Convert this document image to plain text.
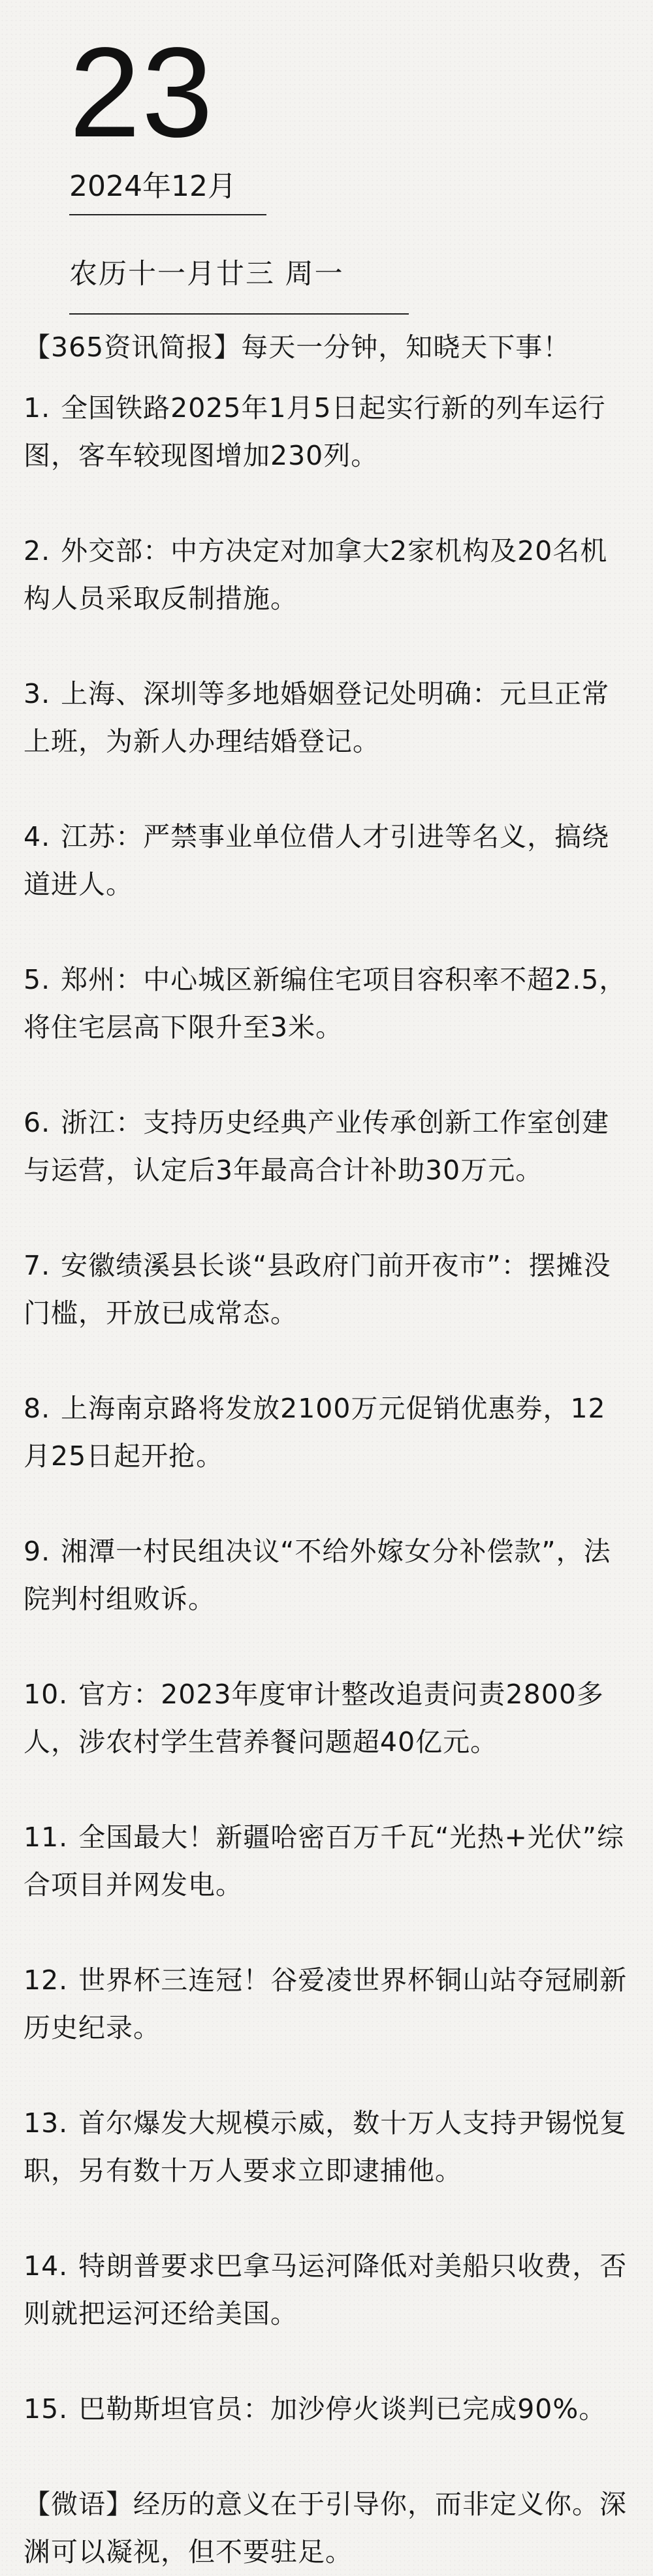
23
2024年12月
农历十一月廿三 周一

【365资讯简报】每天一分钟，知晓天下事！

1. 全国铁路2025年1月5日起实行新的列车运行图，客车较现图增加230列。

2. 外交部：中方决定对加拿大2家机构及20名机构人员采取反制措施。

3. 上海、深圳等多地婚姻登记处明确：元旦正常上班，为新人办理结婚登记。

4. 江苏：严禁事业单位借人才引进等名义，搞绕道进人。

5. 郑州：中心城区新编住宅项目容积率不超2.5，将住宅层高下限升至3米。

6. 浙江：支持历史经典产业传承创新工作室创建与运营，认定后3年最高合计补助30万元。

7. 安徽绩溪县长谈“县政府门前开夜市”：摆摊没门槛，开放已成常态。

8. 上海南京路将发放2100万元促销优惠券，12月25日起开抢。

9. 湘潭一村民组决议“不给外嫁女分补偿款”，法院判村组败诉。

10. 官方：2023年度审计整改追责问责2800多人，涉农村学生营养餐问题超40亿元。

11. 全国最大！新疆哈密百万千瓦“光热+光伏”综合项目并网发电。

12. 世界杯三连冠！谷爱凌世界杯铜山站夺冠刷新历史纪录。

13. 首尔爆发大规模示威，数十万人支持尹锡悦复职，另有数十万人要求立即逮捕他。

14. 特朗普要求巴拿马运河降低对美船只收费，否则就把运河还给美国。

15. 巴勒斯坦官员：加沙停火谈判已完成90%。

【微语】经历的意义在于引导你，而非定义你。深渊可以凝视，但不要驻足。
